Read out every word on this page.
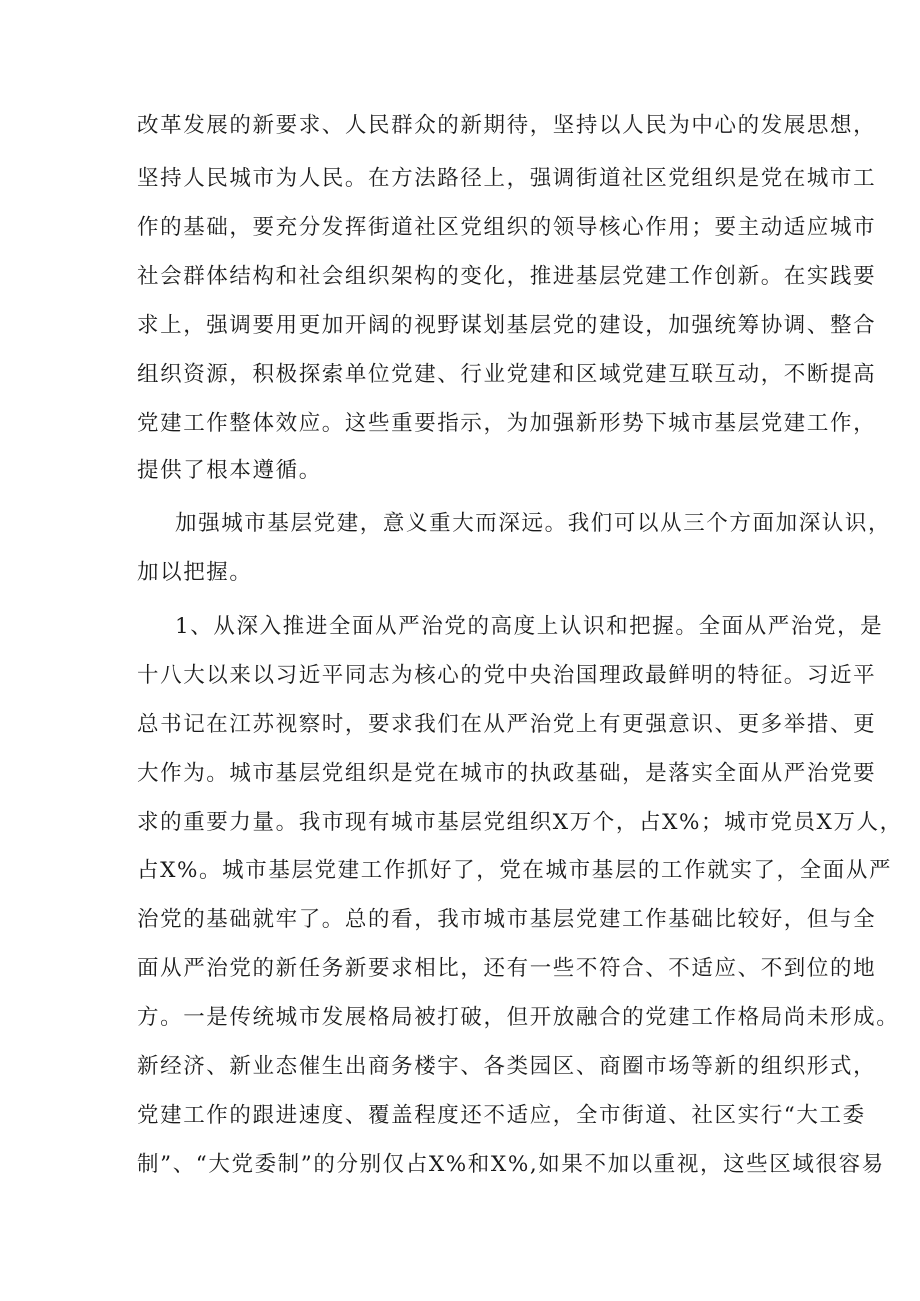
改革发展的新要求、人民群众的新期待，坚持以人民为中心的发展思想，
坚持人民城市为人民。在方法路径上，强调街道社区党组织是党在城市工
作的基础，要充分发挥街道社区党组织的领导核心作用；要主动适应城市
社会群体结构和社会组织架构的变化，推进基层党建工作创新。在实践要
求上，强调要用更加开阔的视野谋划基层党的建设，加强统筹协调、整合
组织资源，积极探索单位党建、行业党建和区域党建互联互动，不断提高
党建工作整体效应。这些重要指示，为加强新形势下城市基层党建工作，
提供了根本遵循。
加强城市基层党建，意义重大而深远。我们可以从三个方面加深认识，
加以把握。
1、从深入推进全面从严治党的高度上认识和把握。全面从严治党，是
十八大以来以习近平同志为核心的党中央治国理政最鲜明的特征。习近平
总书记在江苏视察时，要求我们在从严治党上有更强意识、更多举措、更
大作为。城市基层党组织是党在城市的执政基础，是落实全面从严治党要
求的重要力量。我市现有城市基层党组织X万个，占X%；城市党员X万人，
占X%。城市基层党建工作抓好了，党在城市基层的工作就实了，全面从严
治党的基础就牢了。总的看，我市城市基层党建工作基础比较好，但与全
面从严治党的新任务新要求相比，还有一些不符合、不适应、不到位的地
方。一是传统城市发展格局被打破，但开放融合的党建工作格局尚未形成。
新经济、新业态催生出商务楼宇、各类园区、商圈市场等新的组织形式，
党建工作的跟进速度、覆盖程度还不适应，全市街道、社区实行“大工委
制”、“大党委制”的分别仅占X%和X%,如果不加以重视，这些区域很容易
